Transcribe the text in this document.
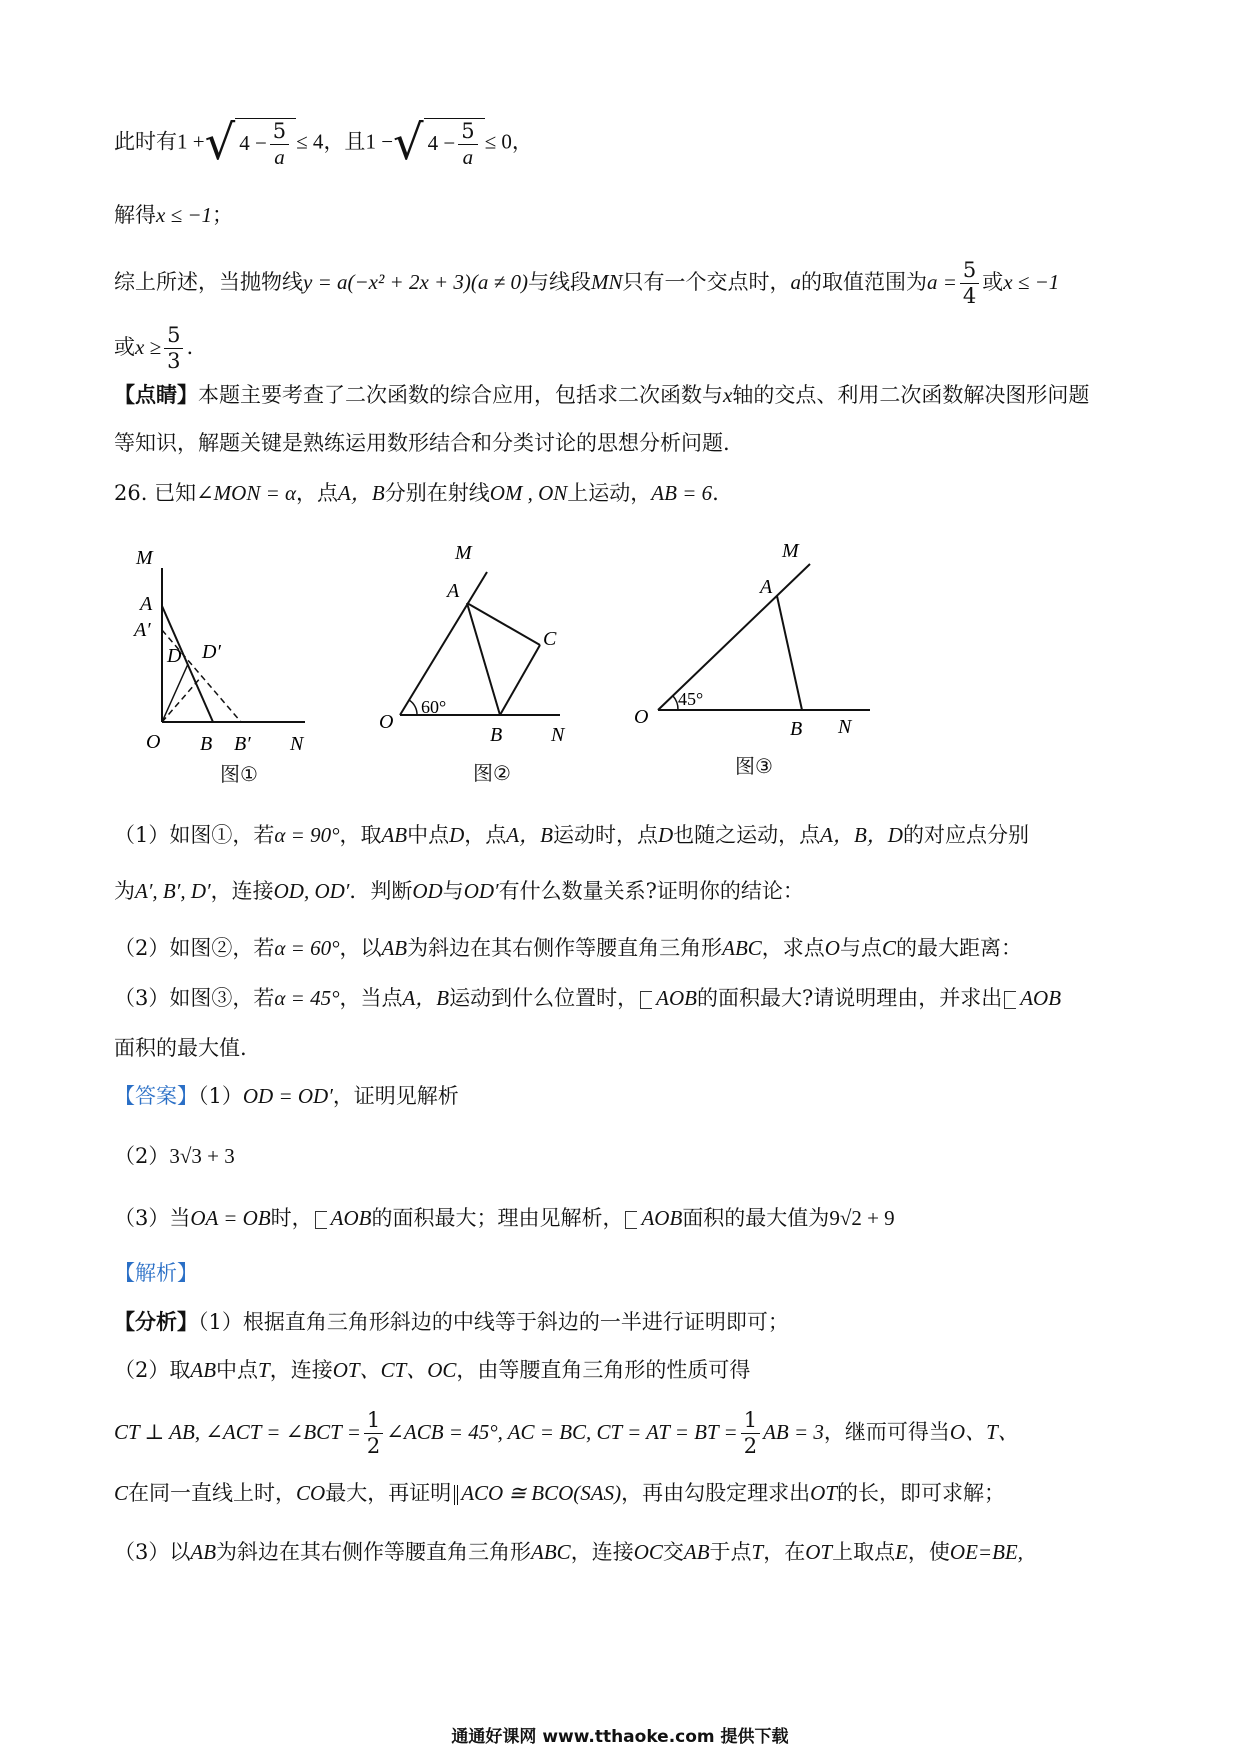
此时有1 +√ $4 - \frac{5}{a} \le 4$，且1 −√ $4 - \frac{5}{a} \le 0$，
解得x ≤ −1；
综上所述，当抛物线y = a(−x² + 2x + 3)(a ≠ 0)与线段MN只有一个交点时，a的取值范围为$a = \frac{5}{4}$ 或x ≤ −1
或$x \ge \frac{5}{3}$ .
【点睛】本题主要考查了二次函数的综合应用，包括求二次函数与x轴的交点、利用二次函数解决图形问题
等知识，解题关键是熟练运用数形结合和分类讨论的思想分析问题.
26. 已知∠MON = α，点A，B分别在射线OM , ON上运动，AB = 6.
M
A
A′
D D′
O B B′ N
图①
60°
M
A
C
O
B N
图②
45°
M
A
O
B N
图③
（1）如图①，若α = 90°，取AB中点D，点A，B运动时，点D也随之运动，点A，B，D的对应点分别
为A′, B′, D′，连接OD, OD′．判断OD与OD′有什么数量关系?证明你的结论：
（2）如图②，若α = 60°，以AB为斜边在其右侧作等腰直角三角形ABC，求点O与点C的最大距离：
（3）如图③，若α = 45°，当点A，B运动到什么位置时， AOB的面积最大?请说明理由，并求出 AOB
面积的最大值.
【答案】（1）OD = OD′，证明见解析
（2）3√3 + 3
（3）当OA = OB时， AOB的面积最大；理由见解析， AOB面积的最大值为9√2 + 9
【解析】
【分析】（1）根据直角三角形斜边的中线等于斜边的一半进行证明即可；
（2）取AB中点T，连接OT、CT、OC，由等腰直角三角形的性质可得
CT ⊥ AB, ∠ACT = ∠BCT = $\frac{1}{2}$ ∠ACB = 45°, AC = BC, CT = AT = BT = $\frac{1}{2}$ AB = 3，继而可得当O、T、
C在同一直线上时，CO最大，再证明 ACO ≅ BCO(SAS)，再由勾股定理求出OT的长，即可求解；
（3）以AB为斜边在其右侧作等腰直角三角形ABC，连接OC交AB于点T，在OT上取点E，使OE=BE,
通通好课网 www.tthaoke.com 提供下载
